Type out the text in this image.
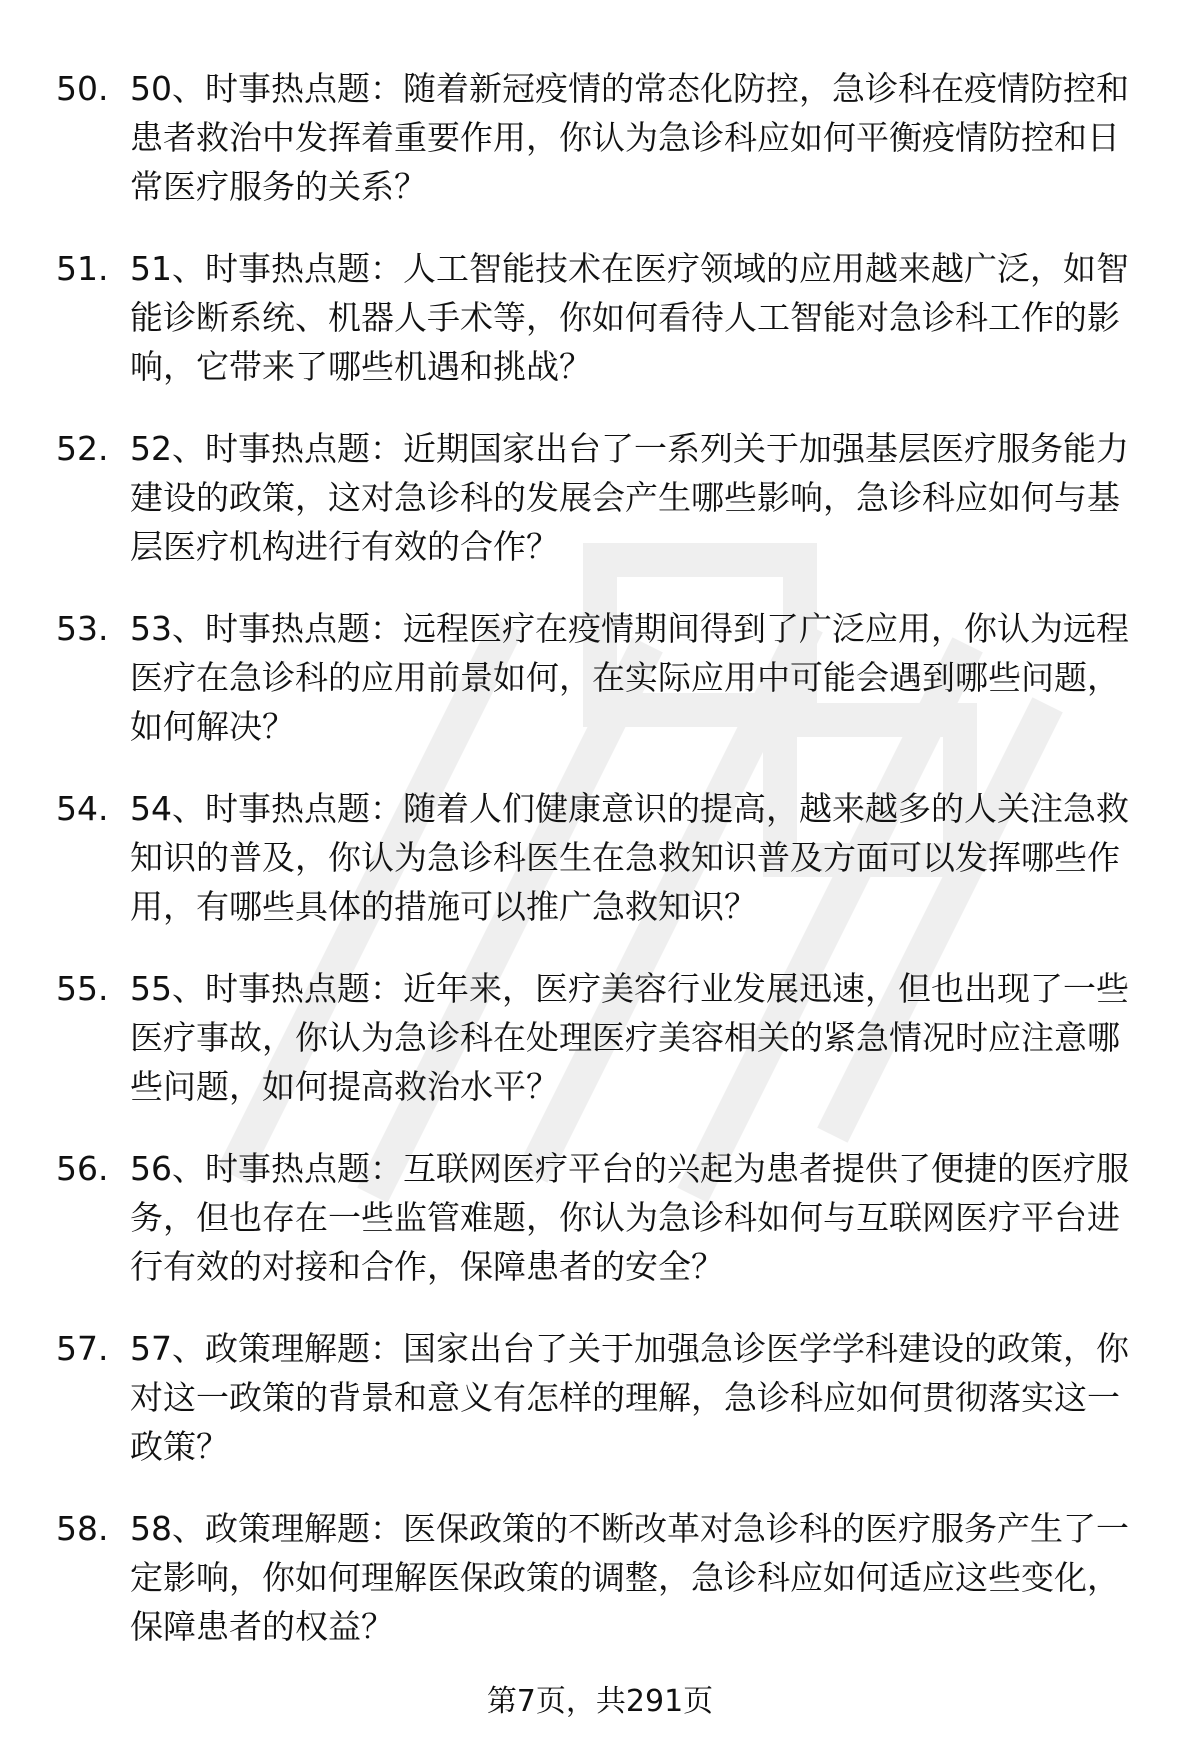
50. 50、时事热点题：随着新冠疫情的常态化防控，急诊科在疫情防控和患者救治中发挥着重要作用，你认为急诊科应如何平衡疫情防控和日常医疗服务的关系？

51. 51、时事热点题：人工智能技术在医疗领域的应用越来越广泛，如智能诊断系统、机器人手术等，你如何看待人工智能对急诊科工作的影响，它带来了哪些机遇和挑战？

52. 52、时事热点题：近期国家出台了一系列关于加强基层医疗服务能力建设的政策，这对急诊科的发展会产生哪些影响，急诊科应如何与基层医疗机构进行有效的合作？

53. 53、时事热点题：远程医疗在疫情期间得到了广泛应用，你认为远程医疗在急诊科的应用前景如何，在实际应用中可能会遇到哪些问题，如何解决？

54. 54、时事热点题：随着人们健康意识的提高，越来越多的人关注急救知识的普及，你认为急诊科医生在急救知识普及方面可以发挥哪些作用，有哪些具体的措施可以推广急救知识？

55. 55、时事热点题：近年来，医疗美容行业发展迅速，但也出现了一些医疗事故，你认为急诊科在处理医疗美容相关的紧急情况时应注意哪些问题，如何提高救治水平？

56. 56、时事热点题：互联网医疗平台的兴起为患者提供了便捷的医疗服务，但也存在一些监管难题，你认为急诊科如何与互联网医疗平台进行有效的对接和合作，保障患者的安全？

57. 57、政策理解题：国家出台了关于加强急诊医学学科建设的政策，你对这一政策的背景和意义有怎样的理解，急诊科应如何贯彻落实这一政策？

58. 58、政策理解题：医保政策的不断改革对急诊科的医疗服务产生了一定影响，你如何理解医保政策的调整，急诊科应如何适应这些变化，保障患者的权益？

第7页，共291页
